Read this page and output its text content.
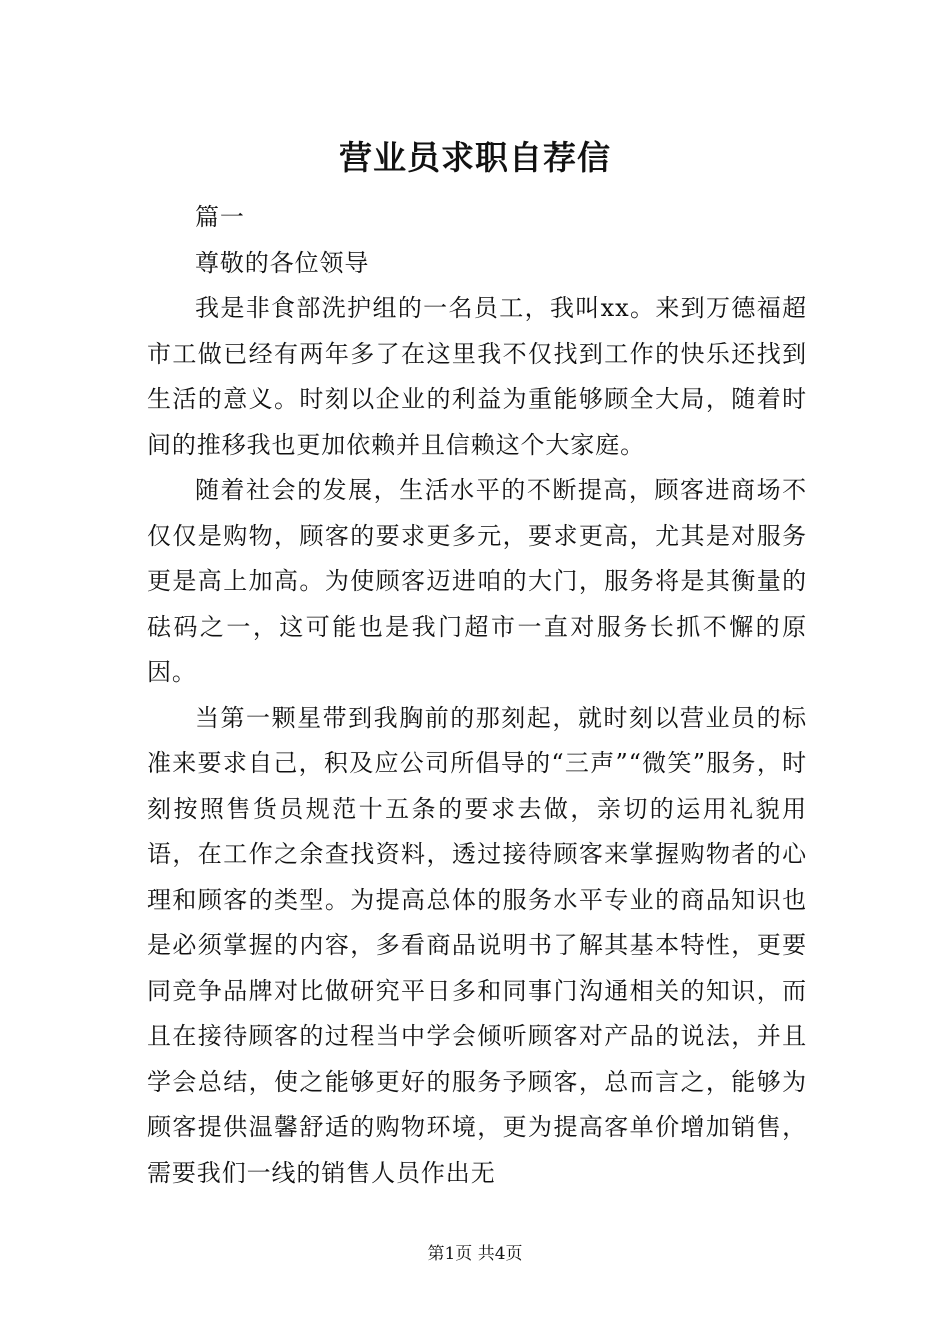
营业员求职自荐信

篇一

尊敬的各位领导

我是非食部洗护组的一名员工，我叫xx。来到万德福超市工做已经有两年多了在这里我不仅找到工作的快乐还找到生活的意义。时刻以企业的利益为重能够顾全大局，随着时间的推移我也更加依赖并且信赖这个大家庭。

随着社会的发展，生活水平的不断提高，顾客进商场不仅仅是购物，顾客的要求更多元，要求更高，尤其是对服务更是高上加高。为使顾客迈进咱的大门，服务将是其衡量的砝码之一，这可能也是我门超市一直对服务长抓不懈的原因。

当第一颗星带到我胸前的那刻起，就时刻以营业员的标准来要求自己，积及应公司所倡导的“三声”“微笑”服务，时刻按照售货员规范十五条的要求去做，亲切的运用礼貌用语，在工作之余查找资料，透过接待顾客来掌握购物者的心理和顾客的类型。为提高总体的服务水平专业的商品知识也是必须掌握的内容，多看商品说明书了解其基本特性，更要同竞争品牌对比做研究平日多和同事门沟通相关的知识，而且在接待顾客的过程当中学会倾听顾客对产品的说法，并且学会总结，使之能够更好的服务予顾客，总而言之，能够为顾客提供温馨舒适的购物环境，更为提高客单价增加销售，需要我们一线的销售人员作出无

第1页 共4页
